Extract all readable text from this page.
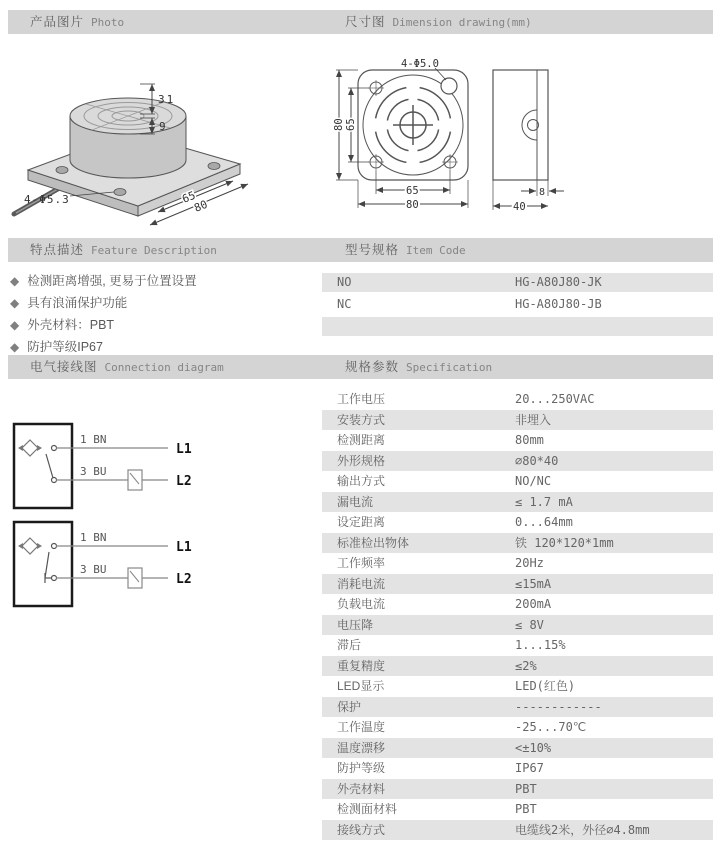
产品图片 Photo	尺寸图 Dimension drawing(mm)
31
9
65
80
4-Φ5.3
4-Φ5.0
80 65
65
80
8
40
特点描述 Feature Description	型号规格 Item Code
◆ 检测距离增强, 更易于位置设置
◆ 具有浪涌保护功能
◆ 外壳材料：PBT
◆ 防护等级IP67
NO	HG-A80J80-JK
NC	HG-A80J80-JB
电气接线图 Connection diagram	规格参数 Specification
1 BN
3 BU
L1
L2
1 BN
3 BU
L1
L2
工作电压	20...250VAC
安装方式	非埋入
检测距离	80mm
外形规格	∅80*40
输出方式	NO/NC
漏电流	≤ 1.7 mA
设定距离	0...64mm
标准检出物体	铁 120*120*1mm
工作频率	20Hz
消耗电流	≤15mA
负载电流	200mA
电压降	≤ 8V
滞后	1...15%
重复精度	≤2%
LED显示	LED(红色)
保护	------------
工作温度	-25...70℃
温度漂移	<±10%
防护等级	IP67
外壳材料	PBT
检测面材料	PBT
接线方式	电缆线2米，外径∅4.8mm
